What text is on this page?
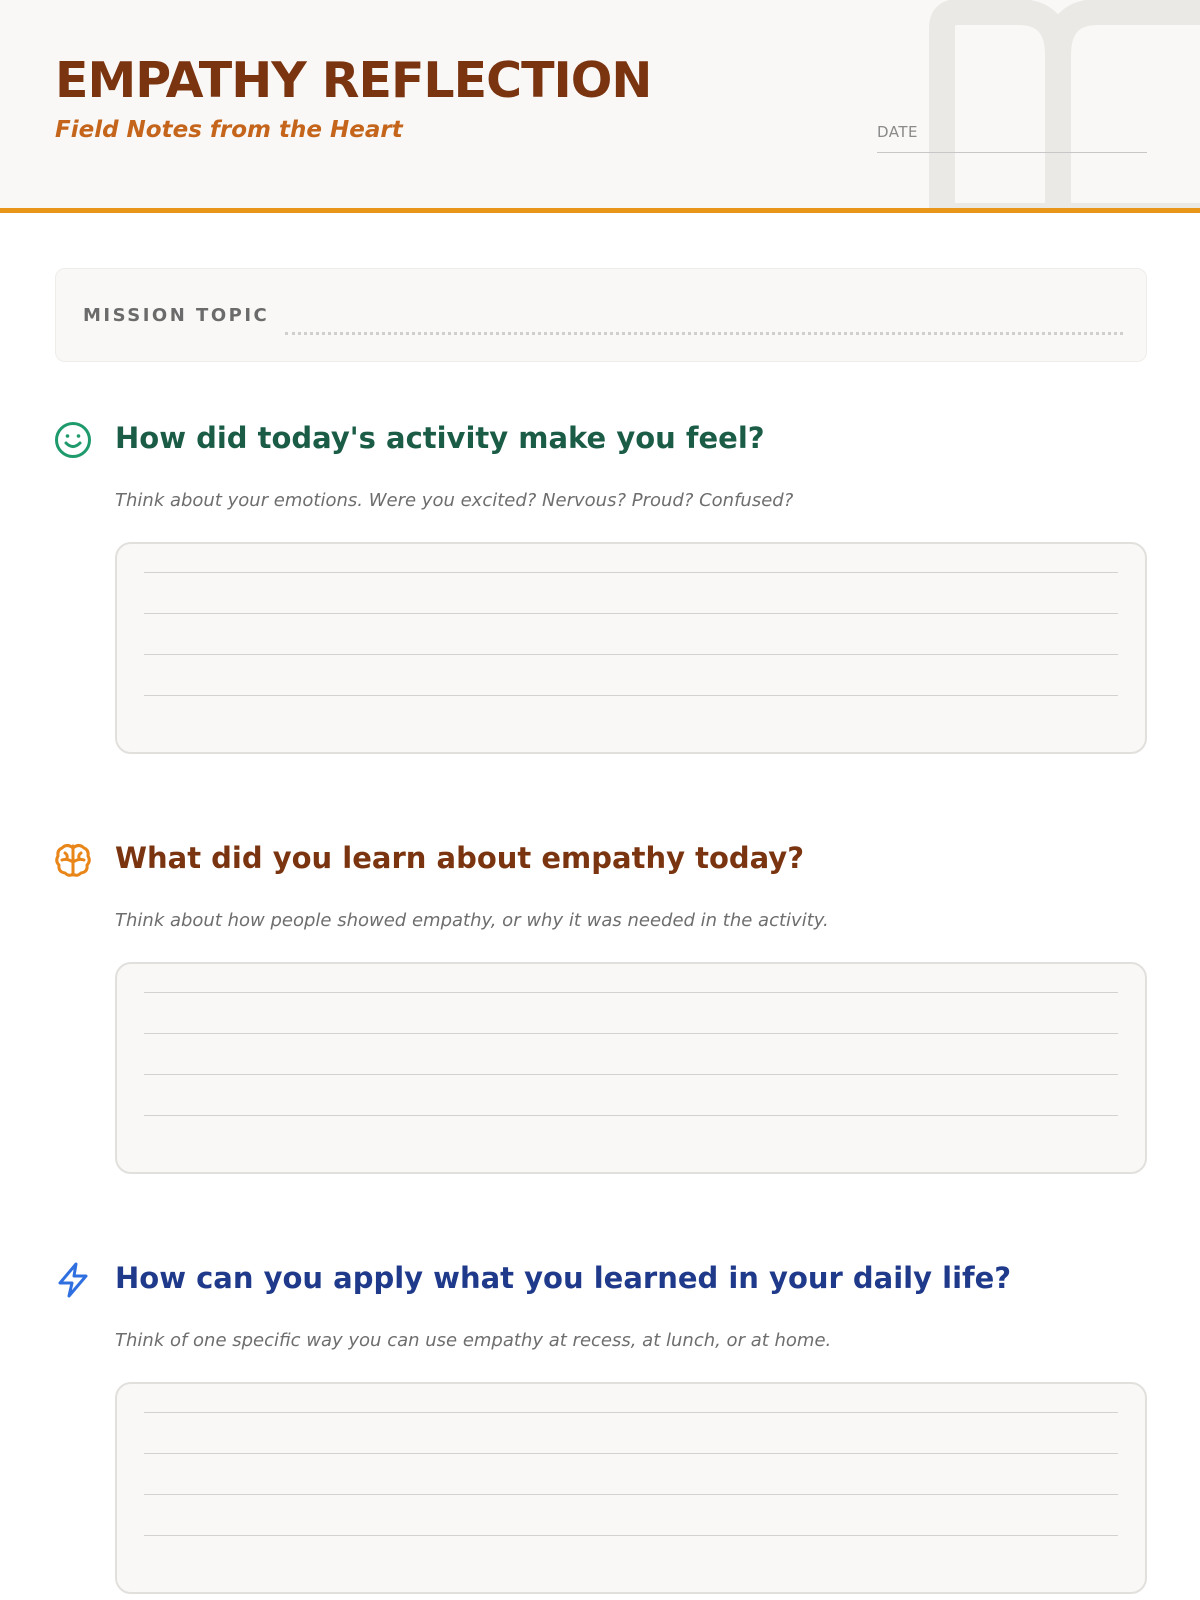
EMPATHY REFLECTION
Field Notes from the Heart	DATE
MISSION TOPIC
How did today's activity make you feel?
Think about your emotions. Were you excited? Nervous? Proud? Confused?
What did you learn about empathy today?
Think about how people showed empathy, or why it was needed in the activity.
How can you apply what you learned in your daily life?
Think of one specific way you can use empathy at recess, at lunch, or at home.
